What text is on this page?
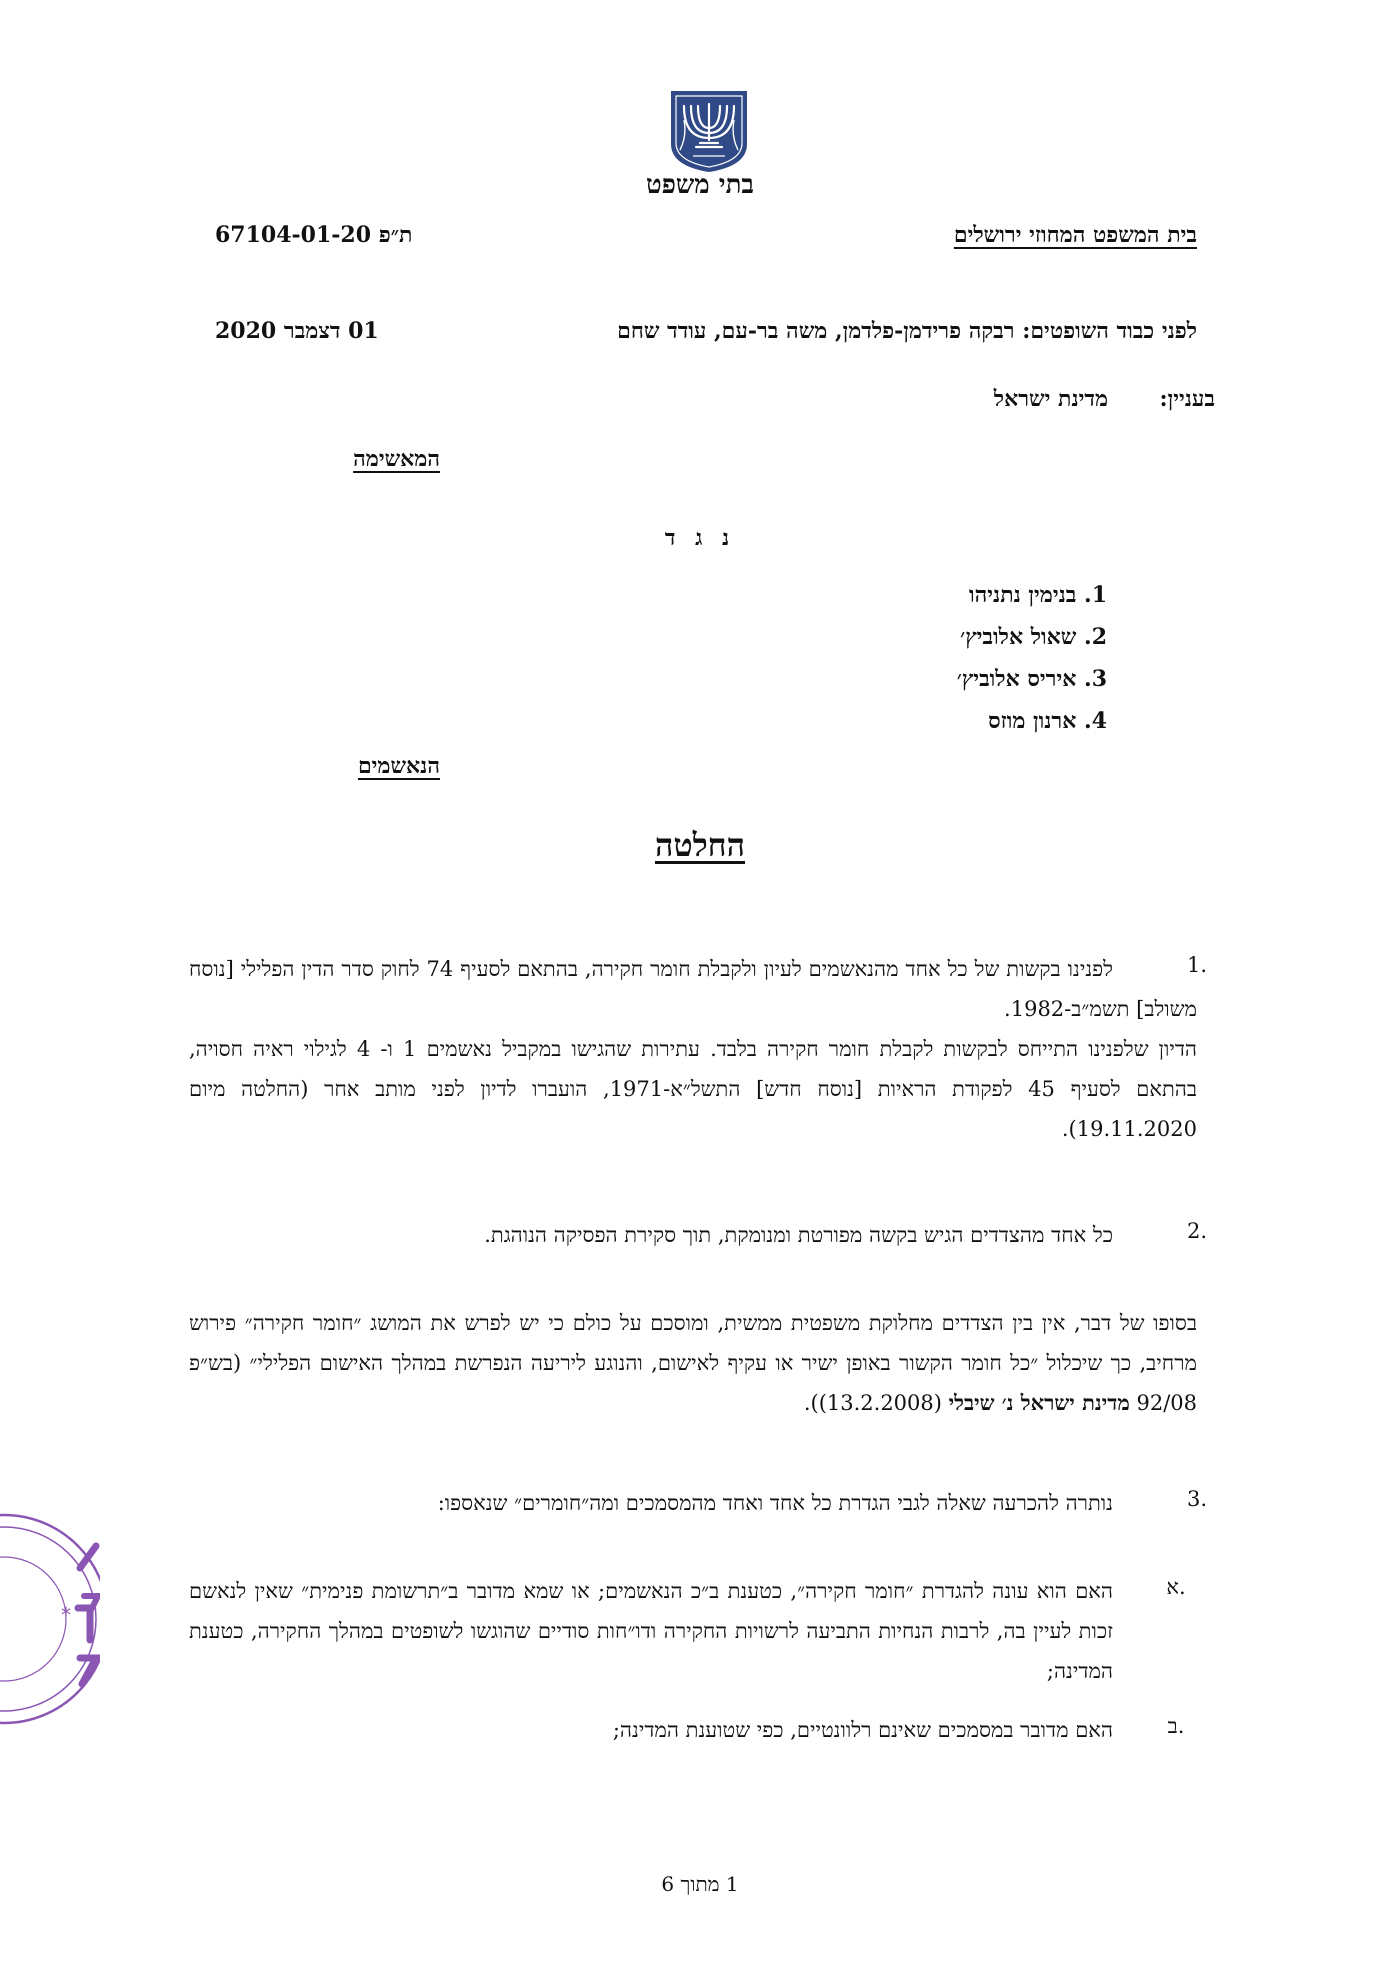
בתי משפט
בית המשפט המחוזי ירושלים
ת״פ 67104-01-20
לפני כבוד השופטים: רבקה פרידמן-פלדמן, משה בר-עם, עודד שחם
01 דצמבר 2020
בעניין:
מדינת ישראל
המאשימה
נ ג ד
1. בנימין נתניהו
2. שאול אלוביץ׳
3. איריס אלוביץ׳
4. ארנון מוזס
הנאשמים
החלטה
1.
לפנינו בקשות של כל אחד מהנאשמים לעיון ולקבלת חומר חקירה, בהתאם לסעיף 74 לחוק סדר הדין הפלילי [נוסח משולב] תשמ״ב-1982.
הדיון שלפנינו התייחס לבקשות לקבלת חומר חקירה בלבד. עתירות שהגישו במקביל נאשמים 1 ו- 4 לגילוי ראיה חסויה, בהתאם לסעיף 45 לפקודת הראיות [נוסח חדש] התשל״א-1971, הועברו לדיון לפני מותב אחר (החלטה מיום 19.11.2020).
2.
כל אחד מהצדדים הגיש בקשה מפורטת ומנומקת, תוך סקירת הפסיקה הנוהגת.
בסופו של דבר, אין בין הצדדים מחלוקת משפטית ממשית, ומוסכם על כולם כי יש לפרש את המושג ״חומר חקירה״ פירוש מרחיב, כך שיכלול ״כל חומר הקשור באופן ישיר או עקיף לאישום, והנוגע ליריעה הנפרשת במהלך האישום הפלילי״ (בש״פ 92/08 מדינת ישראל נ׳ שיבלי (13.2.2008)).
3.
נותרה להכרעה שאלה לגבי הגדרת כל אחד ואחד מהמסמכים ומה״חומרים״ שנאספו:
א.
האם הוא עונה להגדרת ״חומר חקירה״, כטענת ב״כ הנאשמים; או שמא מדובר ב״תרשומת פנימית״ שאין לנאשם זכות לעיין בה, לרבות הנחיות התביעה לרשויות החקירה ודו״חות סודיים שהוגשו לשופטים במהלך החקירה, כטענת המדינה;
ב.
האם מדובר במסמכים שאינם רלוונטיים, כפי שטוענת המדינה;
1 מתוך 6
*
